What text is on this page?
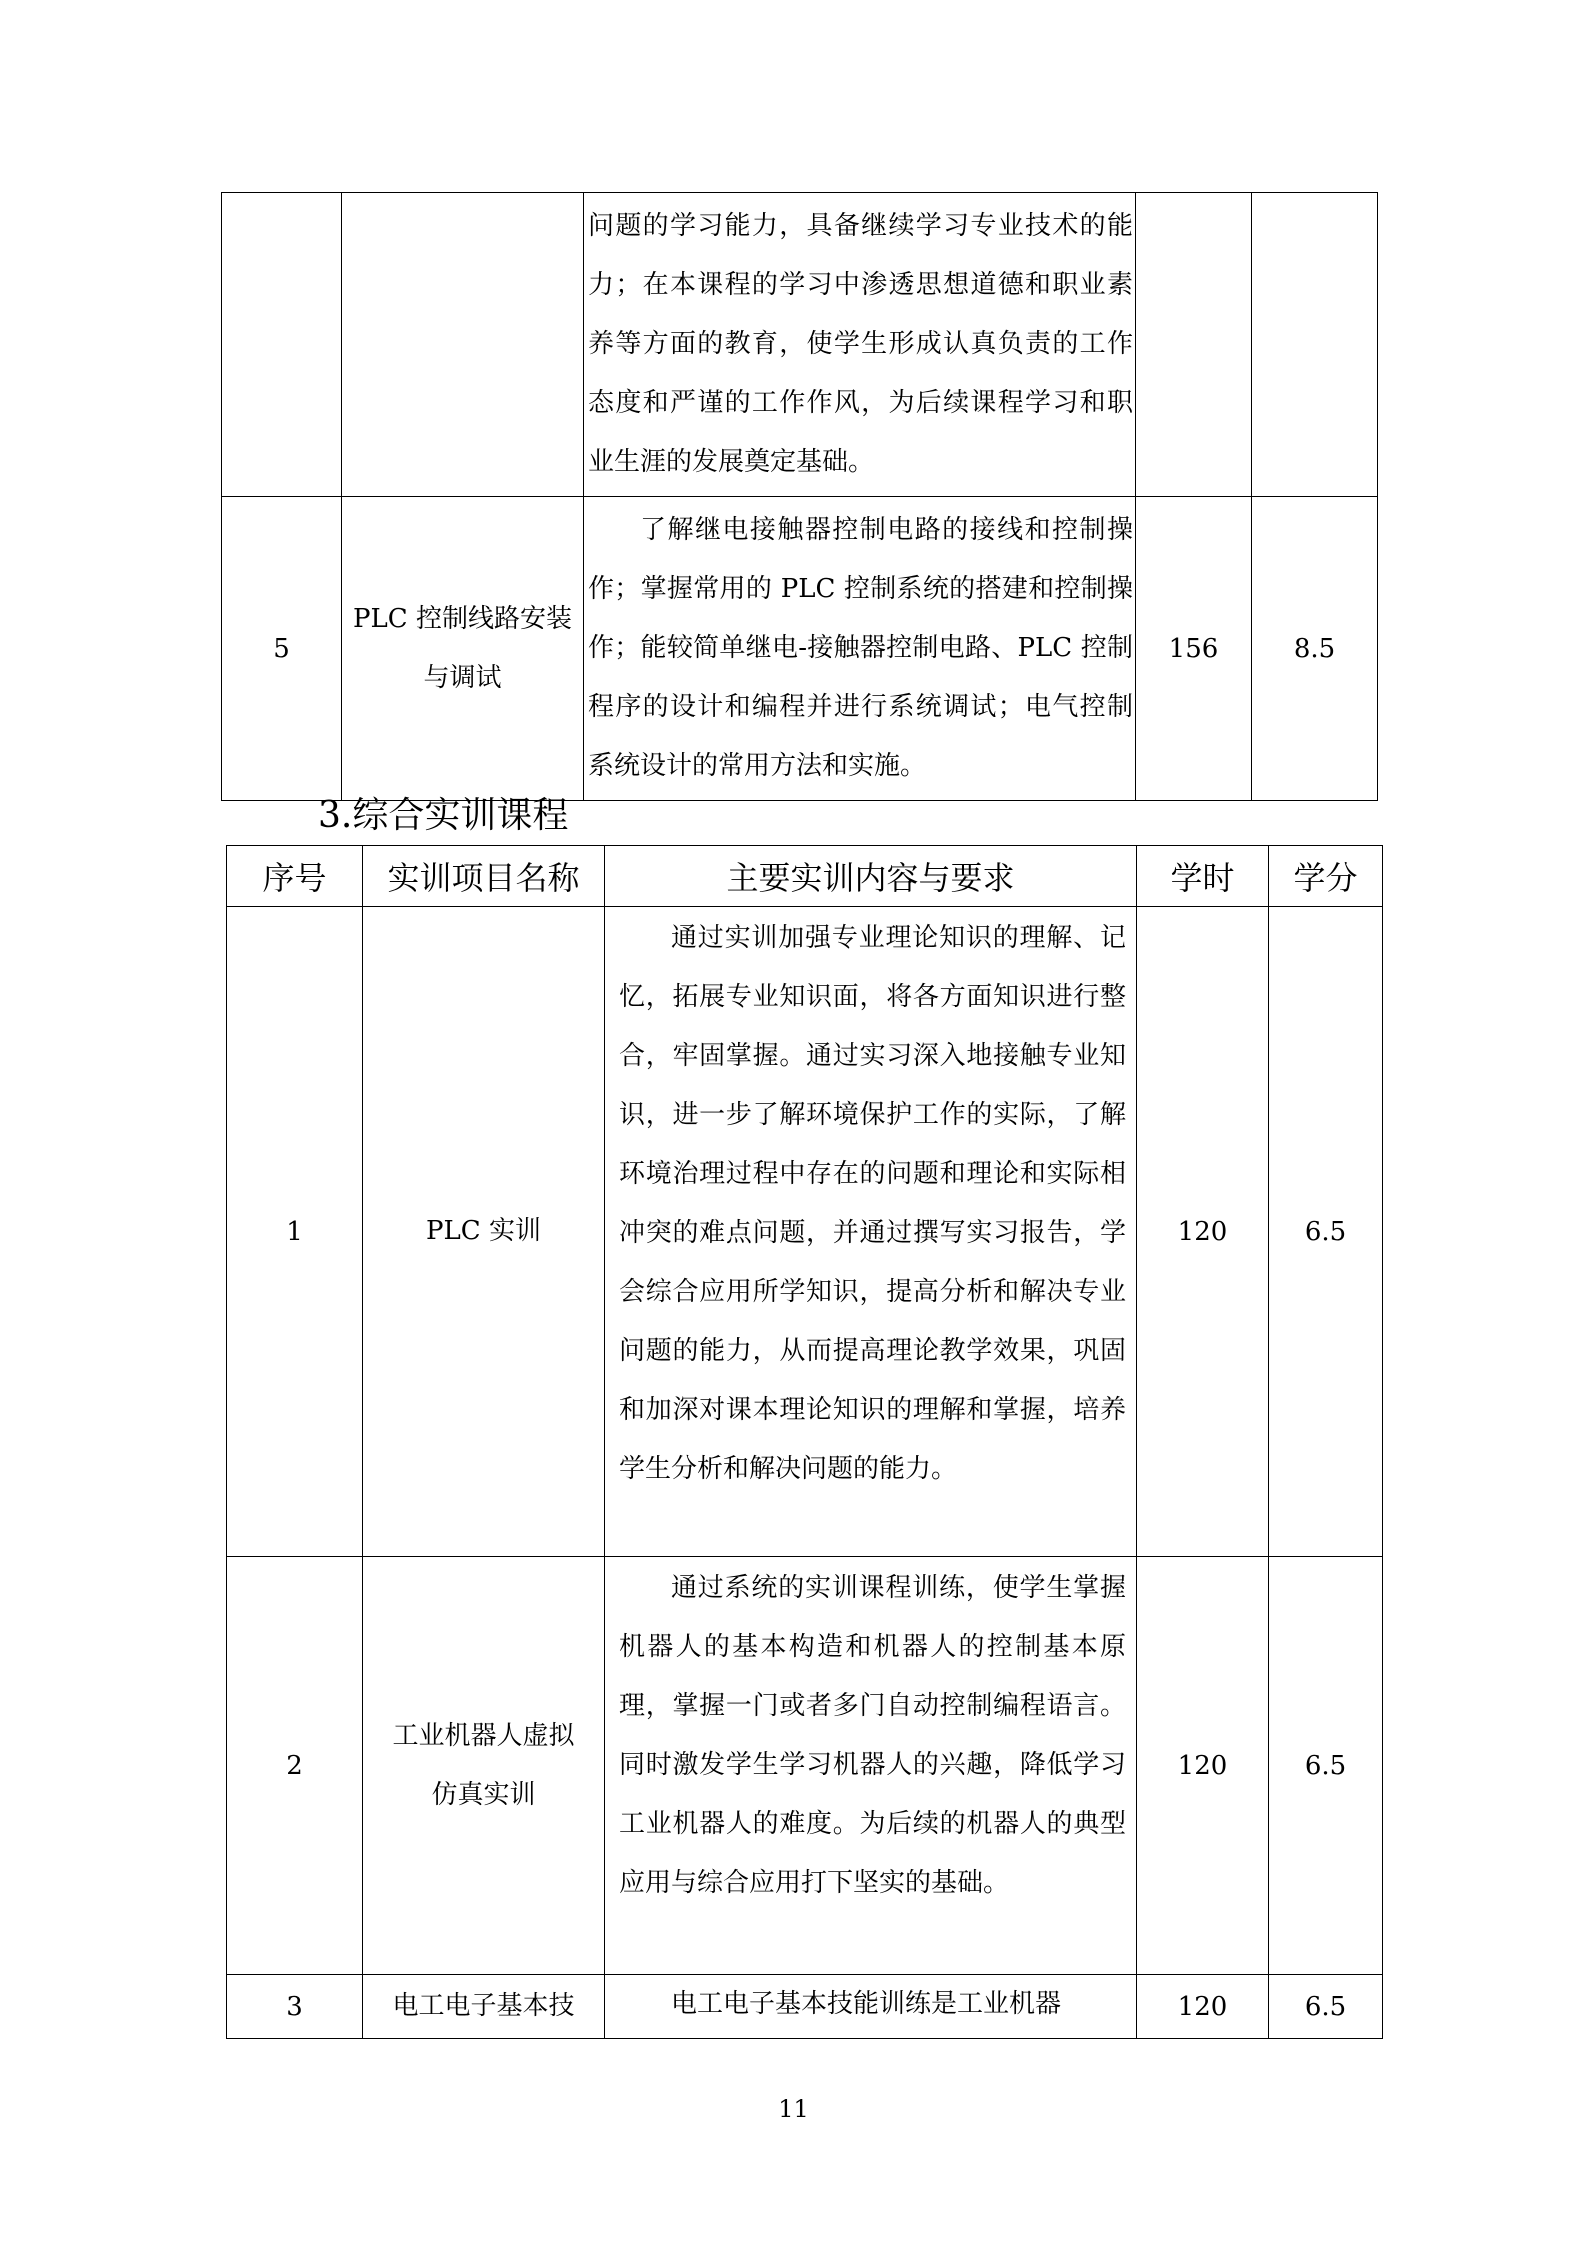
		问题的学习能力，具备继续学习专业技术的能力；在本课程的学习中渗透思想道德和职业素养等方面的教育，使学生形成认真负责的工作态度和严谨的工作作风，为后续课程学习和职业生涯的发展奠定基础。		
5	PLC 控制线路安装与调试	了解继电接触器控制电路的接线和控制操作；掌握常用的 PLC 控制系统的搭建和控制操作；能较简单继电-接触器控制电路、PLC 控制程序的设计和编程并进行系统调试；电气控制系统设计的常用方法和实施。	156	8.5
3.综合实训课程
序号	实训项目名称	主要实训内容与要求	学时	学分
1	PLC 实训	通过实训加强专业理论知识的理解、记忆，拓展专业知识面，将各方面知识进行整合，牢固掌握。通过实习深入地接触专业知识，进一步了解环境保护工作的实际，了解环境治理过程中存在的问题和理论和实际相冲突的难点问题，并通过撰写实习报告，学会综合应用所学知识，提高分析和解决专业问题的能力，从而提高理论教学效果，巩固和加深对课本理论知识的理解和掌握，培养学生分析和解决问题的能力。	120	6.5
2	工业机器人虚拟仿真实训	通过系统的实训课程训练，使学生掌握机器人的基本构造和机器人的控制基本原理，掌握一门或者多门自动控制编程语言。同时激发学生学习机器人的兴趣，降低学习工业机器人的难度。为后续的机器人的典型应用与综合应用打下坚实的基础。	120	6.5
3	电工电子基本技	电工电子基本技能训练是工业机器	120	6.5
11
